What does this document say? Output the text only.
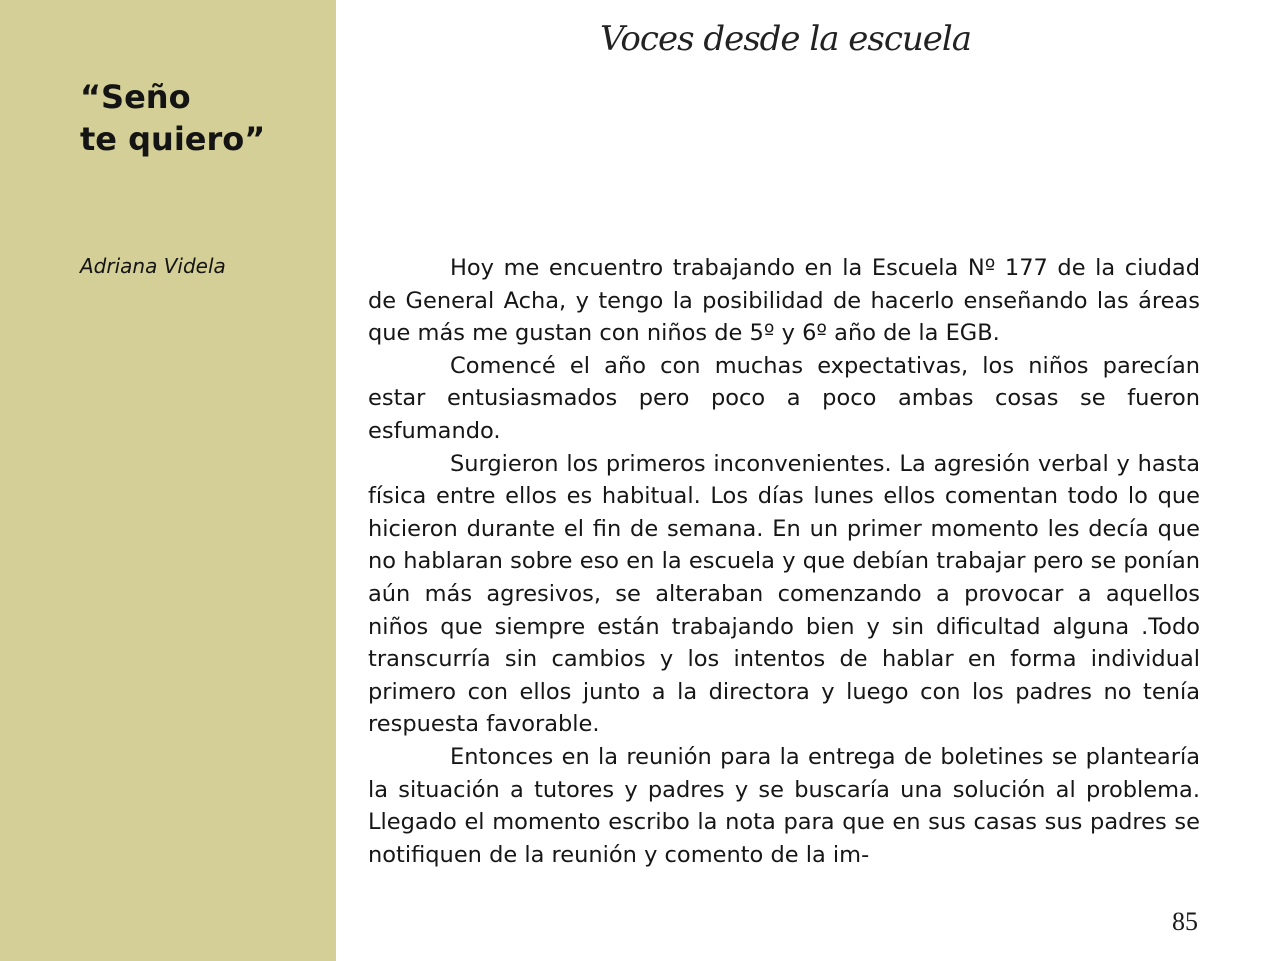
“Seño
te quiero”

Adriana Videla

Voces desde la escuela

Hoy me encuentro trabajando en la Escuela Nº 177 de la ciudad de General Acha, y tengo la posibilidad de hacerlo enseñando las áreas que más me gustan con niños de 5º y 6º año de la EGB.

Comencé el año con muchas expectativas, los niños parecían estar entusiasmados pero poco a poco ambas cosas se fueron esfumando.

Surgieron los primeros inconvenientes. La agresión verbal y hasta física entre ellos es habitual. Los días lunes ellos comentan todo lo que hicieron durante el fin de semana. En un primer momento les decía que no hablaran sobre eso en la escuela y que debían trabajar pero se ponían aún más agresivos, se alteraban comenzando a provocar a aquellos niños que siempre están trabajando bien y sin dificultad alguna .Todo transcurría sin cambios y los intentos de hablar en forma individual primero con ellos junto a la directora y luego con los padres no tenía respuesta favorable.

Entonces en la reunión para la entrega de boletines se plantearía la situación a tutores y padres y se buscaría una solución al problema. Llegado el momento escribo la nota para que en sus casas sus padres se notifiquen de la reunión y comento de la im-

85
